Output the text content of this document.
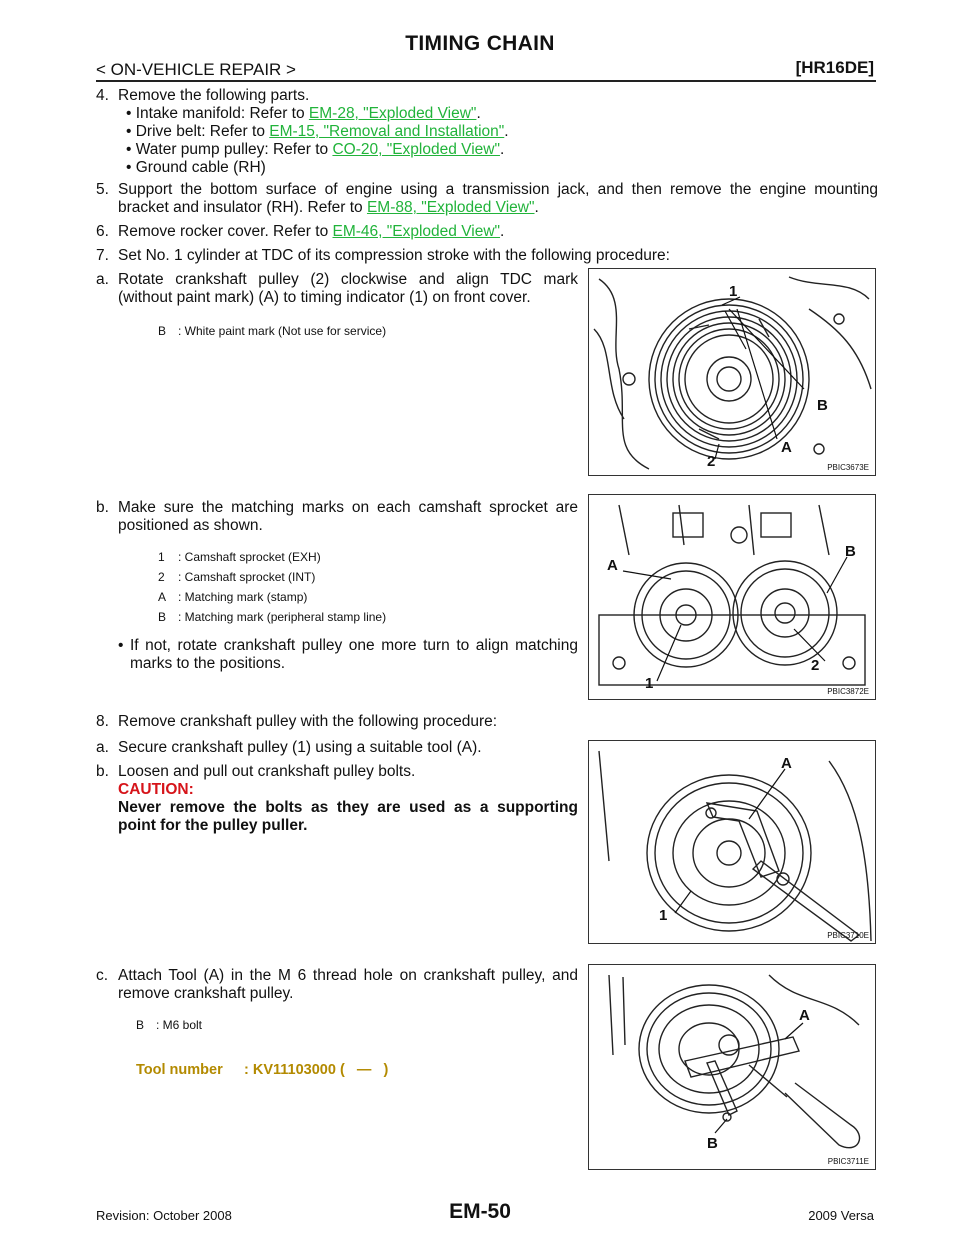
TIMING CHAIN
< ON-VEHICLE REPAIR >	[HR16DE]
4. Remove the following parts.
• Intake manifold: Refer to EM-28, "Exploded View".
• Drive belt: Refer to EM-15, "Removal and Installation".
• Water pump pulley: Refer to CO-20, "Exploded View".
• Ground cable (RH)
5. Support the bottom surface of engine using a transmission jack, and then remove the engine mounting
bracket and insulator (RH). Refer to EM-88, "Exploded View".
6. Remove rocker cover. Refer to EM-46, "Exploded View".
7. Set No. 1 cylinder at TDC of its compression stroke with the following procedure:
a. Rotate crankshaft pulley (2) clockwise and align TDC mark
(without paint mark) (A) to timing indicator (1) on front cover.
B : White paint mark (Not use for service)
1
B
A
2	PBIC3673E
b. Make sure the matching marks on each camshaft sprocket are
positioned as shown.
1 : Camshaft sprocket (EXH)
2 : Camshaft sprocket (INT)
A : Matching mark (stamp)
B : Matching mark (peripheral stamp line)
• If not, rotate crankshaft pulley one more turn to align matching
marks to the positions.
A
B
2
1	PBIC3872E
8. Remove crankshaft pulley with the following procedure:
a. Secure crankshaft pulley (1) using a suitable tool (A).
b. Loosen and pull out crankshaft pulley bolts.
CAUTION:
Never remove the bolts as they are used as a supporting
point for the pulley puller.
A
1
PBIC3710E
c. Attach Tool (A) in the M 6 thread hole on crankshaft pulley, and
remove crankshaft pulley.
B : M6 bolt
Tool number : KV11103000 (   —   )
A
B
PBIC3711E
Revision: October 2008	EM-50	2009 Versa
